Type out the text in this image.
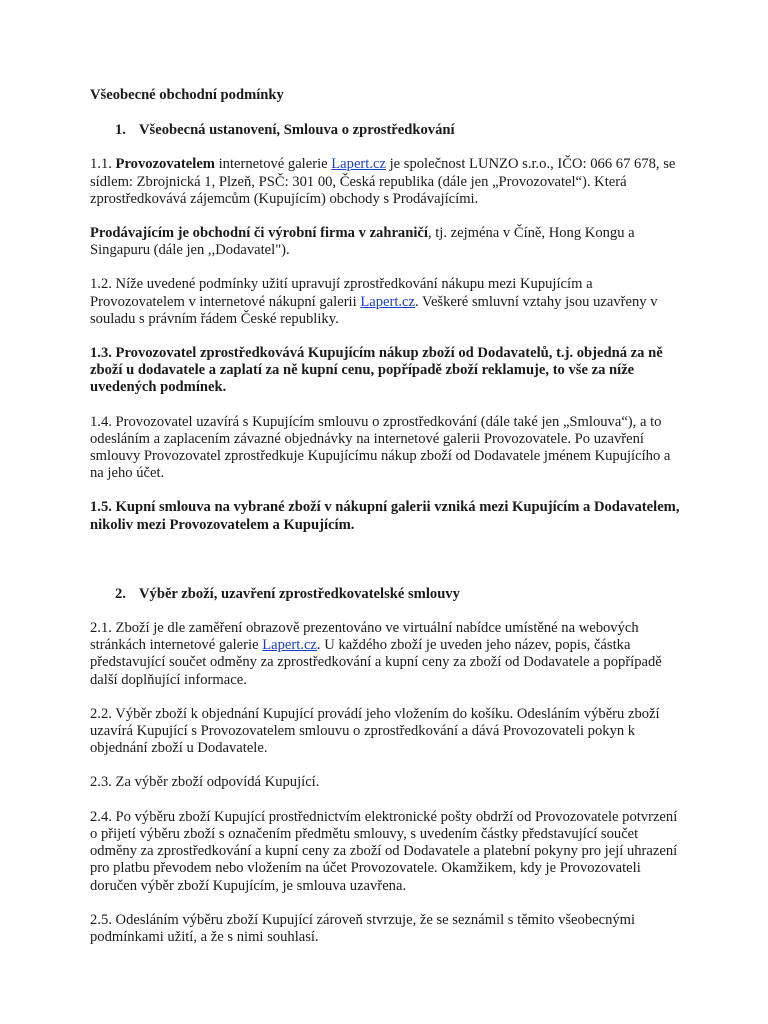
Všeobecné obchodní podmínky

1. Všeobecná ustanovení, Smlouva o zprostředkování

1.1. Provozovatelem internetové galerie Lapert.cz je společnost LUNZO s.r.o., IČO: 066 67 678, se sídlem: Zbrojnická 1, Plzeň, PSČ: 301 00, Česká republika (dále jen „Provozovatel“). Která zprostředkovává zájemcům (Kupujícím) obchody s Prodávajícími.

Prodávajícím je obchodní či výrobní firma v zahraničí, tj. zejména v Číně, Hong Kongu a Singapuru (dále jen ,,Dodavatel").

1.2. Níže uvedené podmínky užití upravují zprostředkování nákupu mezi Kupujícím a Provozovatelem v internetové nákupní galerii Lapert.cz. Veškeré smluvní vztahy jsou uzavřeny v souladu s právním řádem České republiky.

1.3. Provozovatel zprostředkovává Kupujícím nákup zboží od Dodavatelů, t.j. objedná za ně zboží u dodavatele a zaplatí za ně kupní cenu, popřípadě zboží reklamuje, to vše za níže uvedených podmínek.

1.4. Provozovatel uzavírá s Kupujícím smlouvu o zprostředkování (dále také jen „Smlouva“), a to odesláním a zaplacením závazné objednávky na internetové galerii Provozovatele. Po uzavření smlouvy Provozovatel zprostředkuje Kupujícímu nákup zboží od Dodavatele jménem Kupujícího a na jeho účet.

1.5. Kupní smlouva na vybrané zboží v nákupní galerii vzniká mezi Kupujícím a Dodavatelem, nikoliv mezi Provozovatelem a Kupujícím.

2. Výběr zboží, uzavření zprostředkovatelské smlouvy

2.1. Zboží je dle zaměření obrazově prezentováno ve virtuální nabídce umístěné na webových stránkách internetové galerie Lapert.cz. U každého zboží je uveden jeho název, popis, částka představující součet odměny za zprostředkování a kupní ceny za zboží od Dodavatele a popřípadě další doplňující informace.

2.2. Výběr zboží k objednání Kupující provádí jeho vložením do košíku. Odesláním výběru zboží uzavírá Kupující s Provozovatelem smlouvu o zprostředkování a dává Provozovateli pokyn k objednání zboží u Dodavatele.

2.3. Za výběr zboží odpovídá Kupující.

2.4. Po výběru zboží Kupující prostřednictvím elektronické pošty obdrží od Provozovatele potvrzení o přijetí výběru zboží s označením předmětu smlouvy, s uvedením částky představující součet odměny za zprostředkování a kupní ceny za zboží od Dodavatele a platební pokyny pro její uhrazení pro platbu převodem nebo vložením na účet Provozovatele. Okamžikem, kdy je Provozovateli doručen výběr zboží Kupujícím, je smlouva uzavřena.

2.5. Odesláním výběru zboží Kupující zároveň stvrzuje, že se seznámil s těmito všeobecnými podmínkami užití, a že s nimi souhlasí.
